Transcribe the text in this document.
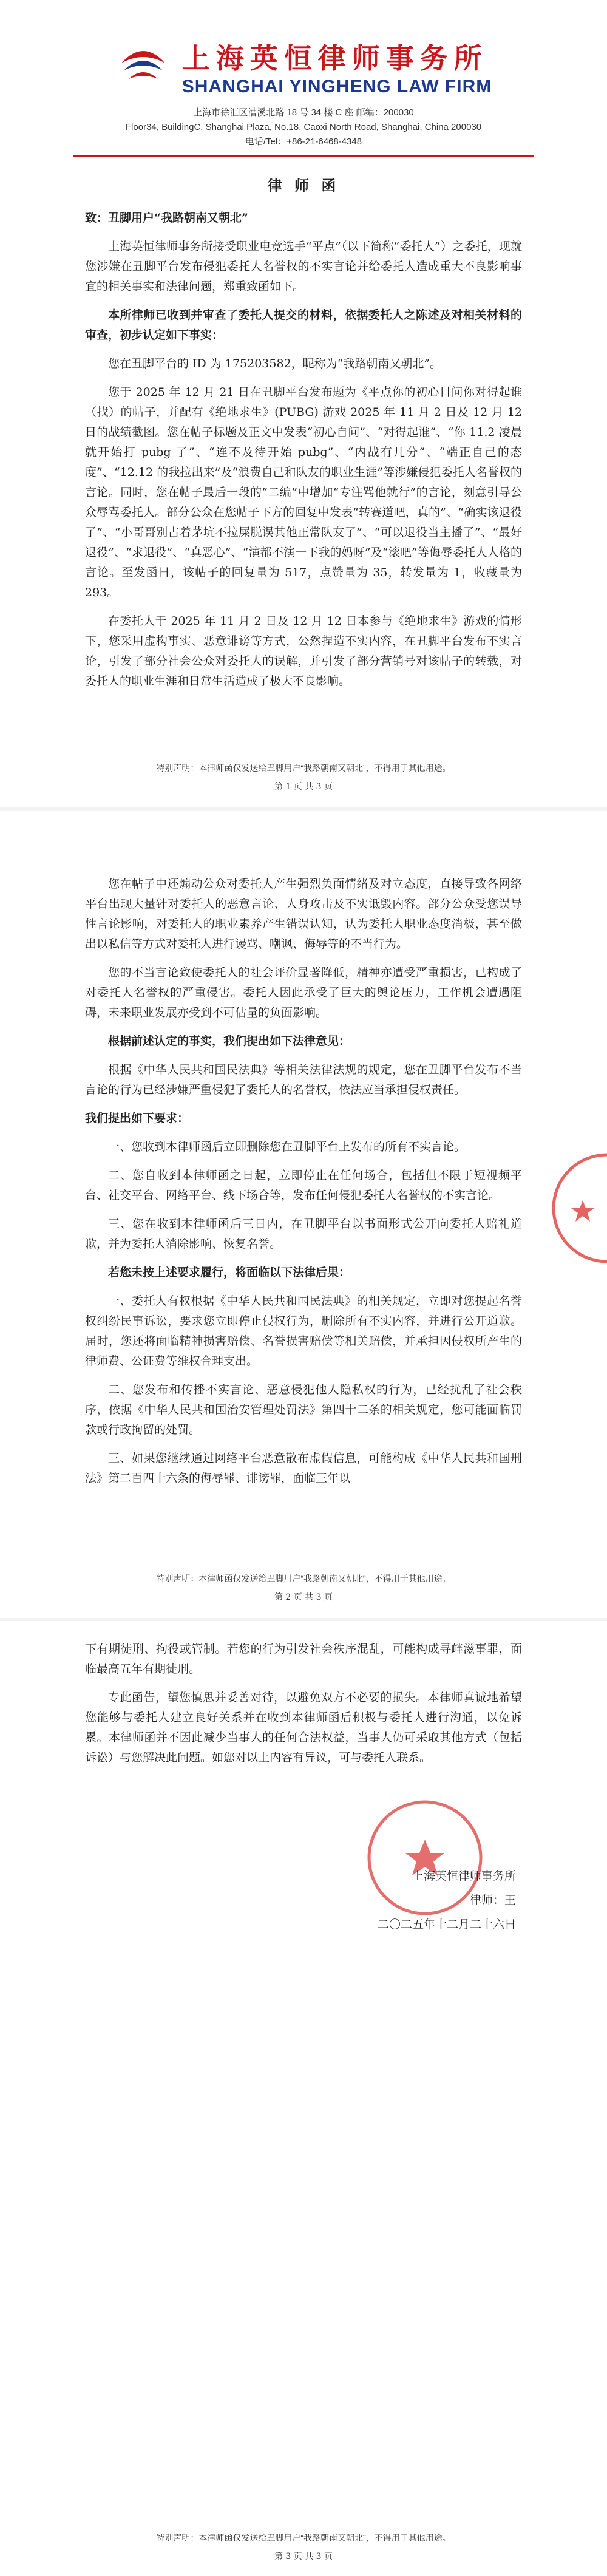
上海英恒律师事务所
SHANGHAI YINGHENG LAW FIRM
上海市徐汇区漕溪北路 18 号 34 楼 C 座 邮编：200030
Floor34, BuildingC, Shanghai Plaza, No.18, Caoxi North Road, Shanghai, China 200030
电话/Tel：+86-21-6468-4348
律 师 函

致：丑脚用户“我路朝南又朝北”

上海英恒律师事务所接受职业电竞选手“平点”（以下简称“委托人”）之委托，现就您涉嫌在丑脚平台发布侵犯委托人名誉权的不实言论并给委托人造成重大不良影响事宜的相关事实和法律问题，郑重致函如下。

本所律师已收到并审查了委托人提交的材料，依据委托人之陈述及对相关材料的审查，初步认定如下事实：

您在丑脚平台的 ID 为 175203582，昵称为“我路朝南又朝北”。

您于 2025 年 12 月 21 日在丑脚平台发布题为《平点你的初心目问你对得起谁（找）的帖子，并配有《绝地求生》(PUBG) 游戏 2025 年 11 月 2 日及 12 月 12 日的战绩截图。您在帖子标题及正文中发表“初心自问”、“对得起谁”、“你 11.2 凌晨就开始打 pubg 了”、“连不及待开始 pubg”、“内战有几分”、“端正自己的态度”、“12.12 的我拉出来”及“浪费自己和队友的职业生涯”等涉嫌侵犯委托人名誉权的言论。同时，您在帖子最后一段的“二编”中增加“专注骂他就行”的言论，刻意引导公众辱骂委托人。部分公众在您帖子下方的回复中发表“转赛道吧，真的”、“确实该退役了”、“小哥哥别占着茅坑不拉屎脱误其他正常队友了”、“可以退役当主播了”、“最好退役”、“求退役”、“真恶心”、“演都不演一下我的妈呀”及“滚吧”等侮辱委托人人格的言论。至发函日，该帖子的回复量为 517，点赞量为 35，转发量为 1，收藏量为 293。

在委托人于 2025 年 11 月 2 日及 12 月 12 日本参与《绝地求生》游戏的情形下，您采用虚构事实、恶意诽谤等方式，公然捏造不实内容，在丑脚平台发布不实言论，引发了部分社会公众对委托人的误解，并引发了部分营销号对该帖子的转载，对委托人的职业生涯和日常生活造成了极大不良影响。

特别声明：本律师函仅发送给丑脚用户“我路朝南又朝北”，不得用于其他用途。
第 1 页 共 3 页

您在帖子中还煽动公众对委托人产生强烈负面情绪及对立态度，直接导致各网络平台出现大量针对委托人的恶意言论、人身攻击及不实诋毁内容。部分公众受您误导性言论影响，对委托人的职业素养产生错误认知，认为委托人职业态度消极，甚至做出以私信等方式对委托人进行谩骂、嘲讽、侮辱等的不当行为。

您的不当言论致使委托人的社会评价显著降低，精神亦遭受严重损害，已构成了对委托人名誉权的严重侵害。委托人因此承受了巨大的舆论压力，工作机会遭遇阻碍，未来职业发展亦受到不可估量的负面影响。

根据前述认定的事实，我们提出如下法律意见：

根据《中华人民共和国民法典》等相关法律法规的规定，您在丑脚平台发布不当言论的行为已经涉嫌严重侵犯了委托人的名誉权，依法应当承担侵权责任。

我们提出如下要求：

一、您收到本律师函后立即删除您在丑脚平台上发布的所有不实言论。

二、您自收到本律师函之日起，立即停止在任何场合，包括但不限于短视频平台、社交平台、网络平台、线下场合等，发布任何侵犯委托人名誉权的不实言论。

三、您在收到本律师函后三日内，在丑脚平台以书面形式公开向委托人赔礼道歉，并为委托人消除影响、恢复名誉。

若您未按上述要求履行，将面临以下法律后果：

一、委托人有权根据《中华人民共和国民法典》的相关规定，立即对您提起名誉权纠纷民事诉讼，要求您立即停止侵权行为，删除所有不实内容，并进行公开道歉。届时，您还将面临精神损害赔偿、名誉损害赔偿等相关赔偿，并承担因侵权所产生的律师费、公证费等维权合理支出。

二、您发布和传播不实言论、恶意侵犯他人隐私权的行为，已经扰乱了社会秩序，依据《中华人民共和国治安管理处罚法》第四十二条的相关规定，您可能面临罚款或行政拘留的处罚。

三、如果您继续通过网络平台恶意散布虚假信息，可能构成《中华人民共和国刑法》第二百四十六条的侮辱罪、诽谤罪，面临三年以

特别声明：本律师函仅发送给丑脚用户“我路朝南又朝北”，不得用于其他用途。
第 2 页 共 3 页

下有期徒刑、拘役或管制。若您的行为引发社会秩序混乱，可能构成寻衅滋事罪，面临最高五年有期徒刑。

专此函告，望您慎思并妥善对待，以避免双方不必要的损失。本律师真诚地希望您能够与委托人建立良好关系并在收到本律师函后积极与委托人进行沟通，以免诉累。本律师函并不因此减少当事人的任何合法权益，当事人仍可采取其他方式（包括诉讼）与您解决此问题。如您对以上内容有异议，可与委托人联系。

上海英恒律师事务所
律师：王
二〇二五年十二月二十六日
特别声明：本律师函仅发送给丑脚用户“我路朝南又朝北”，不得用于其他用途。
第 3 页 共 3 页
